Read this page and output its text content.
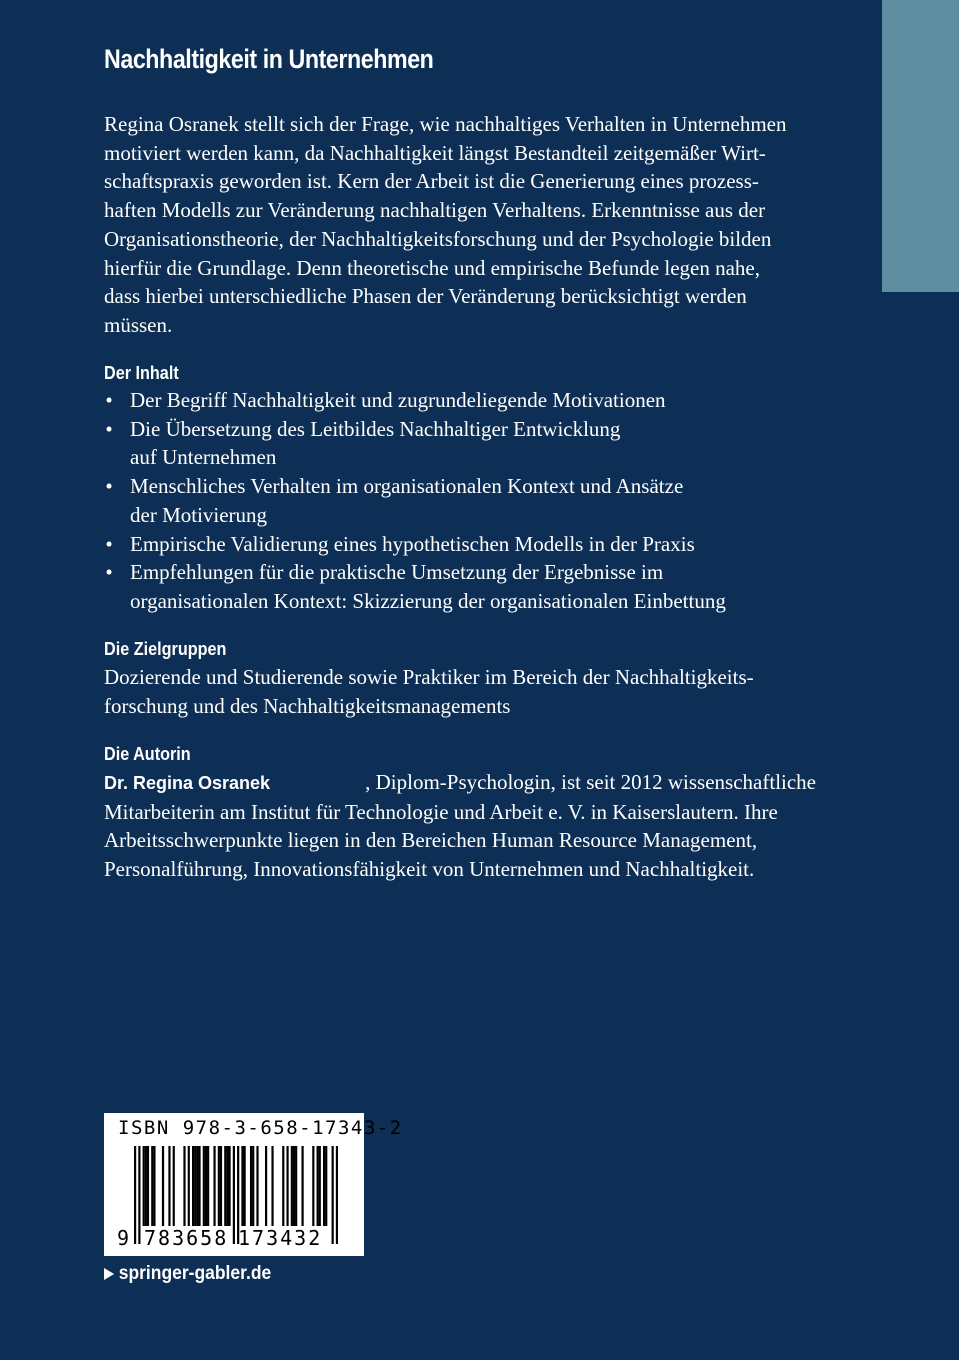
Nachhaltigkeit in Unternehmen
Regina Osranek stellt sich der Frage, wie nachhaltiges Verhalten in Unternehmen
motiviert werden kann, da Nachhaltigkeit längst Bestandteil zeitgemäßer Wirt-
schaftspraxis geworden ist. Kern der Arbeit ist die Generierung eines prozess-
haften Modells zur Veränderung nachhaltigen Verhaltens. Erkenntnisse aus der
Organisationstheorie, der Nachhaltigkeitsforschung und der Psychologie bilden
hierfür die Grundlage. Denn theoretische und empirische Befunde legen nahe,
dass hierbei unterschiedliche Phasen der Veränderung berücksichtigt werden
müssen.
Der Inhalt
• Der Begriff Nachhaltigkeit und zugrundeliegende Motivationen
• Die Übersetzung des Leitbildes Nachhaltiger Entwicklung
auf Unternehmen
• Menschliches Verhalten im organisationalen Kontext und Ansätze
der Motivierung
• Empirische Validierung eines hypothetischen Modells in der Praxis
• Empfehlungen für die praktische Umsetzung der Ergebnisse im
organisationalen Kontext: Skizzierung der organisationalen Einbettung
Die Zielgruppen
Dozierende und Studierende sowie Praktiker im Bereich der Nachhaltigkeits-
forschung und des Nachhaltigkeitsmanagements
Die Autorin
Dr. Regina Osranek	, Diplom-Psychologin, ist seit 2012 wissenschaftliche
Mitarbeiterin am Institut für Technologie und Arbeit e. V. in Kaiserslautern. Ihre
Arbeitsschwerpunkte liegen in den Bereichen Human Resource Management,
Personalführung, Innovationsfähigkeit von Unternehmen und Nachhaltigkeit.
ISBN 978-3-658-17343-2
9 783658 173432
springer-gabler.de
